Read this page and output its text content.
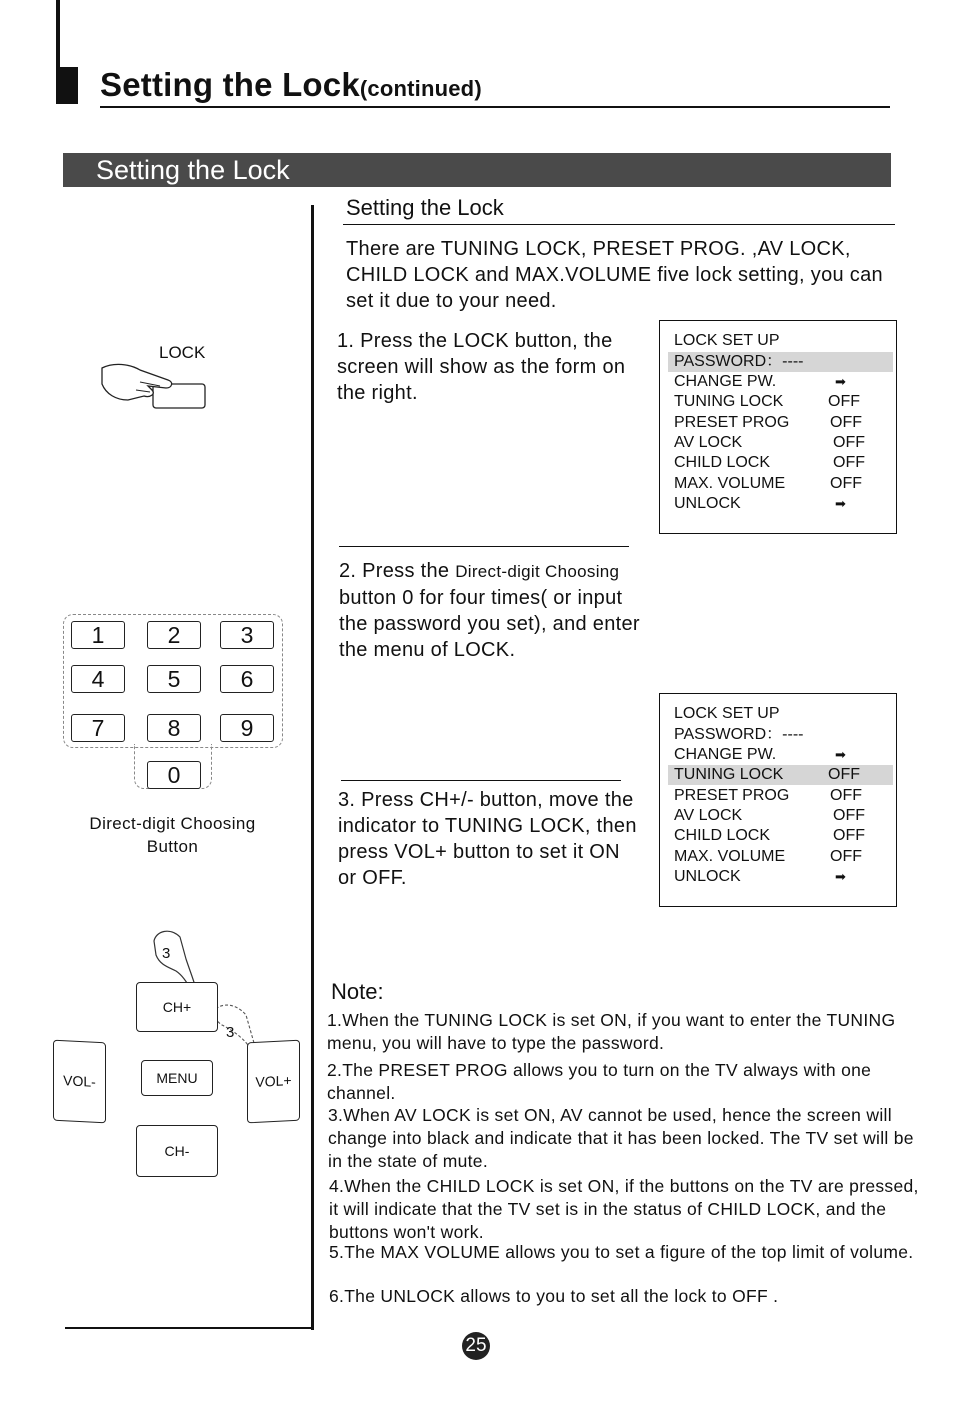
Setting the Lock(continued)
Setting the Lock
Setting the Lock
There are TUNING LOCK, PRESET PROG. ,AV LOCK, CHILD LOCK and MAX.VOLUME five lock setting, you can set it due to your need.
1. Press the LOCK button, the screen will show as the form on the right.
2. Press the Direct-digit Choosing button 0 for four times( or input the password you set), and enter the menu of LOCK.
3. Press CH+/- button, move the indicator to TUNING LOCK, then press VOL+ button to set it ON or OFF.
LOCK SET UP
PASSWORD：----
CHANGE PW.	➡
TUNING LOCK	OFF
PRESET PROG	OFF
AV LOCK	OFF
CHILD LOCK	OFF
MAX. VOLUME	OFF
UNLOCK	➡
LOCK SET UP
PASSWORD：----
CHANGE PW.	➡
TUNING LOCK	OFF
PRESET PROG	OFF
AV LOCK	OFF
CHILD LOCK	OFF
MAX. VOLUME	OFF
UNLOCK	➡
LOCK
1	2	3
4	5	6
7	8	9
0
Direct-digit Choosing
Button
3
3
CH+
MENU
CH-
VOL-	VOL+
Note:
1.When the TUNING LOCK is set ON, if you want to enter the TUNING menu, you will have to type the password.
2.The PRESET PROG allows you to turn on the TV always with one channel.
3.When AV LOCK is set ON, AV cannot be used, hence the screen will change into black and indicate that it has been locked. The TV set will be in the state of mute.
4.When the CHILD LOCK is set ON, if the buttons on the TV are pressed, it will indicate that the TV set is in the status of CHILD LOCK, and the buttons won't work.
5.The MAX VOLUME allows you to set a figure of the top limit of volume.
6.The UNLOCK allows to you to set all the lock to OFF .
25
